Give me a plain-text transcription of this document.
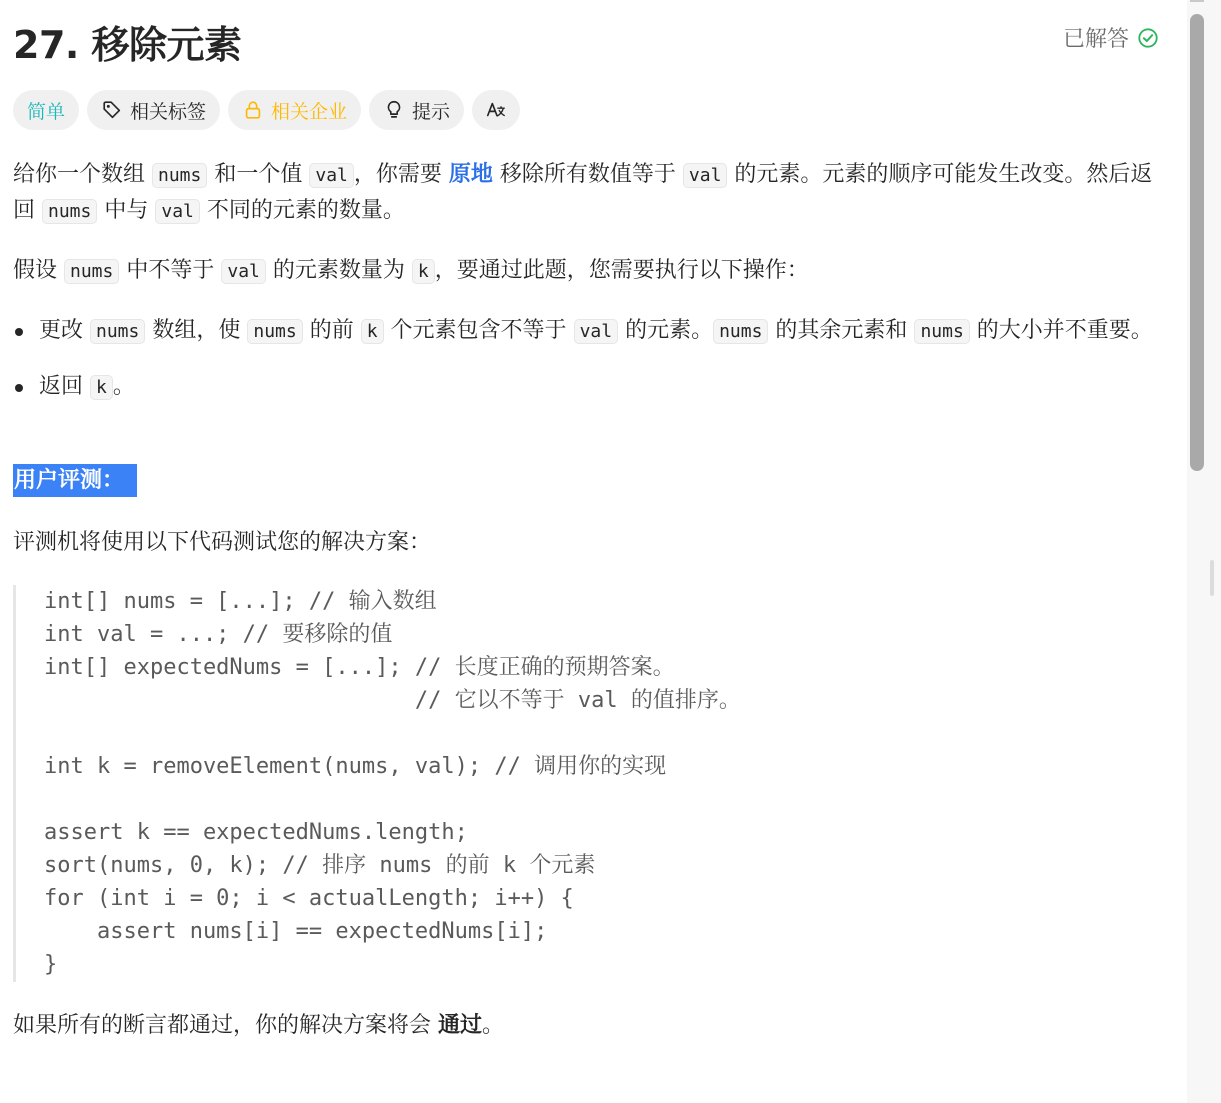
27. 移除元素	已解答
简单	相关标签	相关企业	提示
给你一个数组 nums 和一个值 val ，你需要 原地 移除所有数值等于 val 的元素。元素的顺序可能发生改变。然后返回 nums 中与 val 不同的元素的数量。
假设 nums 中不等于 val 的元素数量为 k ，要通过此题，您需要执行以下操作：
更改 nums 数组，使 nums 的前 k 个元素包含不等于 val 的元素。 nums 的其余元素和 nums 的大小并不重要。
返回 k 。
用户评测：
评测机将使用以下代码测试您的解决方案：
int[] nums = [...]; // 输入数组
int val = ...; // 要移除的值
int[] expectedNums = [...]; // 长度正确的预期答案。
// 它以不等于 val 的值排序。

int k = removeElement(nums, val); // 调用你的实现

assert k == expectedNums.length;
sort(nums, 0, k); // 排序 nums 的前 k 个元素
for (int i = 0; i < actualLength; i++) {
assert nums[i] == expectedNums[i];
}
如果所有的断言都通过，你的解决方案将会 通过。
